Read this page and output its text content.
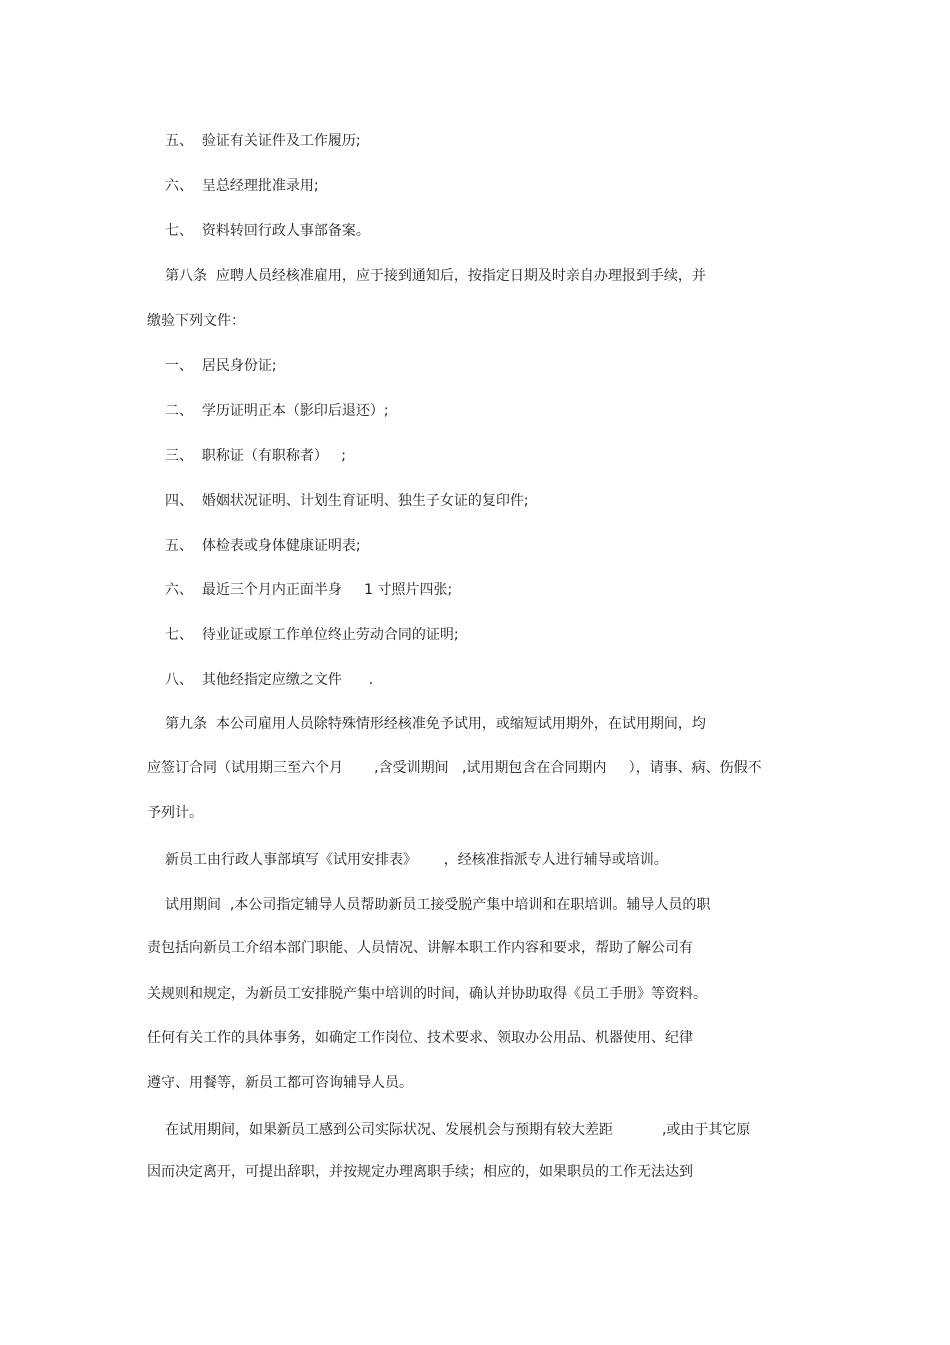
五、  验证有关证件及工作履历;
六、  呈总经理批准录用;
七、  资料转回行政人事部备案。
第八条  应聘人员经核准雇用，应于接到通知后，按指定日期及时亲自办理报到手续，并
缴验下列文件：
一、  居民身份证;
二、  学历证明正本（影印后退还）;
三、  职称证（有职称者）   ;
四、  婚姻状况证明、计划生育证明、独生子女证的复印件;
五、  体检表或身体健康证明表;
六、  最近三个月内正面半身     1 寸照片四张;
七、  待业证或原工作单位终止劳动合同的证明;
八、  其他经指定应缴之文件      .
第九条  本公司雇用人员除特殊情形经核准免予试用，或缩短试用期外，在试用期间，均
应签订合同（试用期三至六个月       ,含受训期间   ,试用期包含在合同期内     ），请事、病、伤假不
予列计。
新员工由行政人事部填写《试用安排表》      ，经核准指派专人进行辅导或培训。
试用期间  ,本公司指定辅导人员帮助新员工接受脱产集中培训和在职培训。辅导人员的职
责包括向新员工介绍本部门职能、人员情况、讲解本职工作内容和要求，帮助了解公司有
关规则和规定，为新员工安排脱产集中培训的时间，确认并协助取得《员工手册》等资料。
任何有关工作的具体事务，如确定工作岗位、技术要求、领取办公用品、机器使用、纪律
遵守、用餐等，新员工都可咨询辅导人员。
在试用期间，如果新员工感到公司实际状况、发展机会与预期有较大差距           ,或由于其它原
因而决定离开，可提出辞职，并按规定办理离职手续；相应的，如果职员的工作无法达到
